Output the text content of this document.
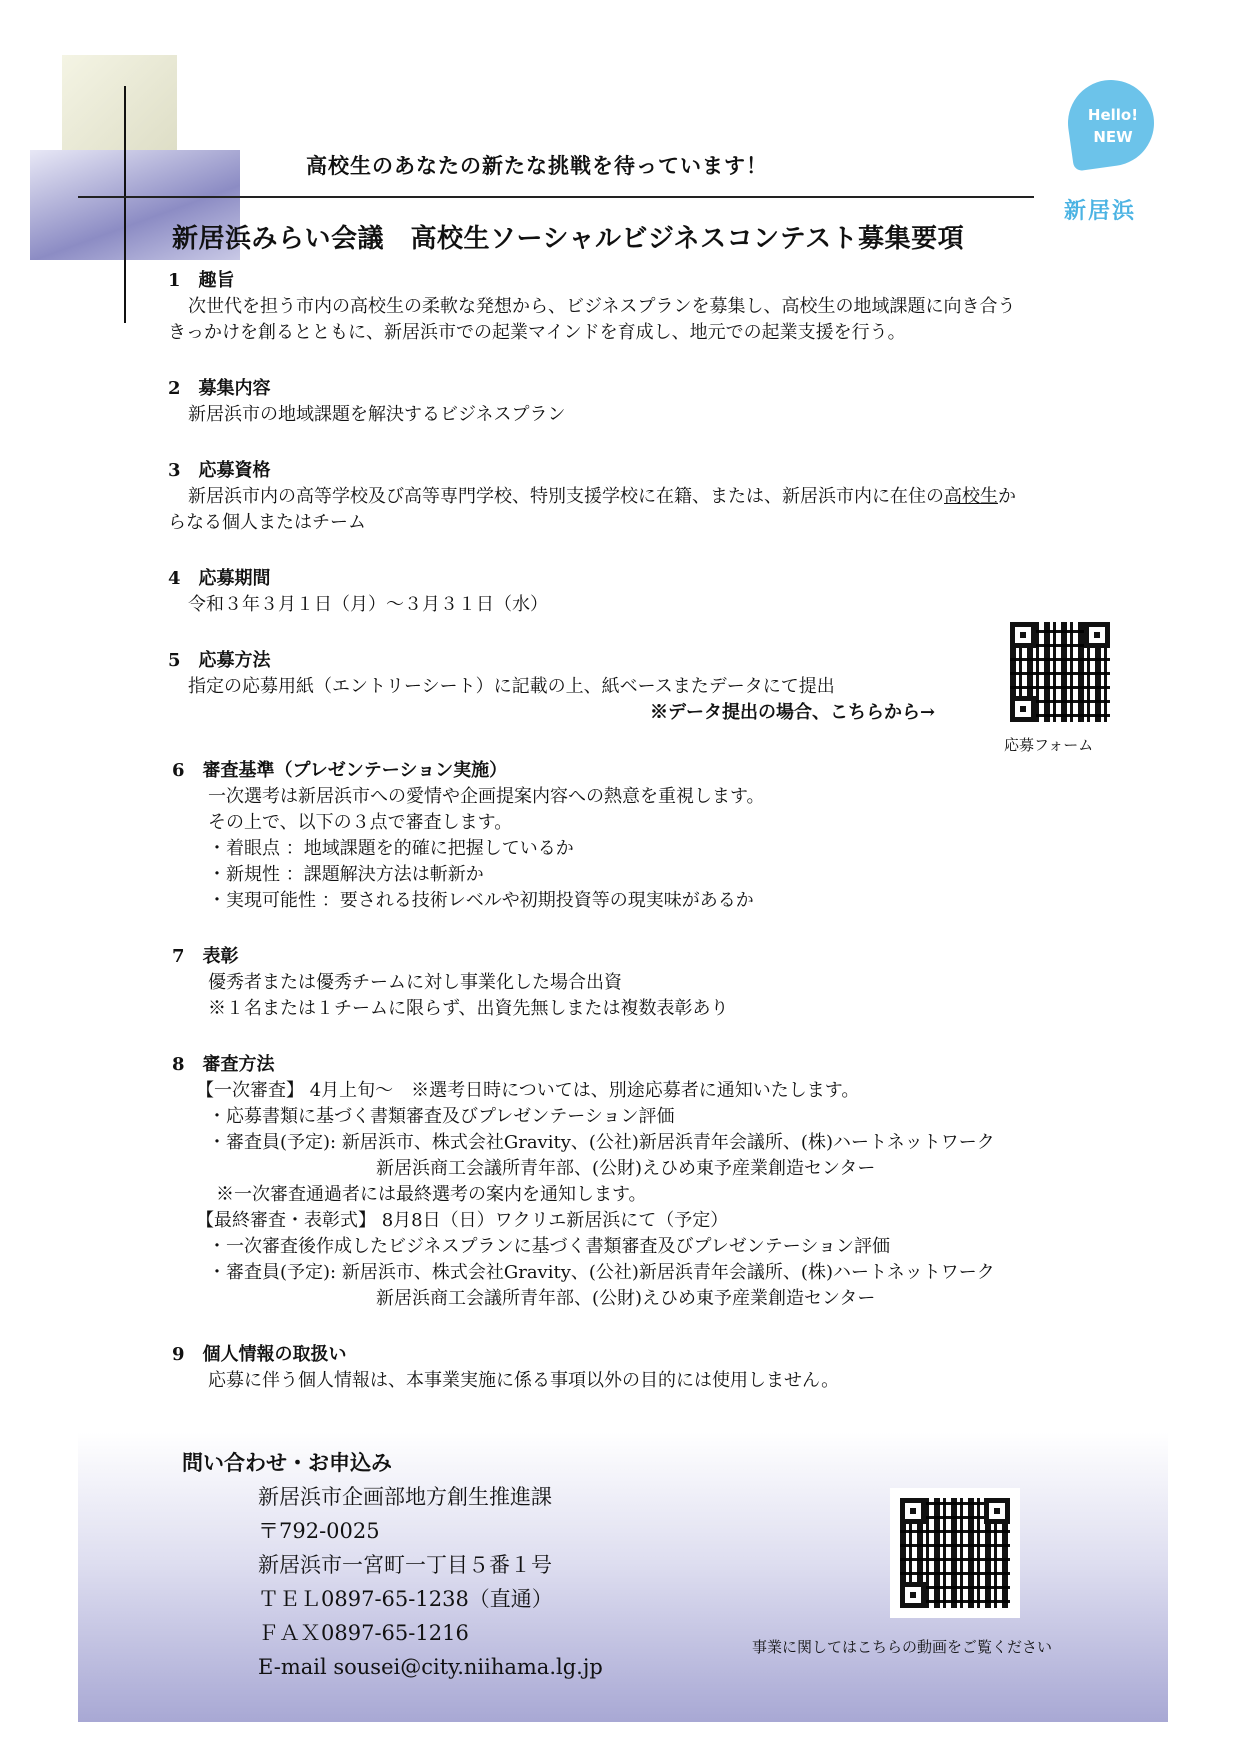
高校生のあなたの新たな挑戦を待っています！
新居浜みらい会議　高校生ソーシャルビジネスコンテスト募集要項
Hello!
NEW
新居浜
1　趣旨
次世代を担う市内の高校生の柔軟な発想から、ビジネスプランを募集し、高校生の地域課題に向き合う
きっかけを創るとともに、新居浜市での起業マインドを育成し、地元での起業支援を行う。
2　募集内容
新居浜市の地域課題を解決するビジネスプラン
3　応募資格
新居浜市内の高等学校及び高等専門学校、特別支援学校に在籍、または、新居浜市内に在住の高校生か
らなる個人またはチーム
4　応募期間
令和３年３月１日（月）～３月３１日（水）
5　応募方法
指定の応募用紙（エントリーシート）に記載の上、紙ベースまたデータにて提出
※データ提出の場合、こちらから→
応募フォーム
6　審査基準（プレゼンテーション実施）
一次選考は新居浜市への愛情や企画提案内容への熱意を重視します。
その上で、以下の３点で審査します。
・着眼点 ：地域課題を的確に把握しているか
・新規性 ：課題解決方法は斬新か
・実現可能性 ：要される技術レベルや初期投資等の現実味があるか
7　表彰
優秀者または優秀チームに対し事業化した場合出資
※１名または１チームに限らず、出資先無しまたは複数表彰あり
8　審査方法
【一次審査】 4月上旬～　※選考日時については、別途応募者に通知いたします。
・応募書類に基づく書類審査及びプレゼンテーション評価
・審査員(予定): 新居浜市、株式会社Gravity、(公社)新居浜青年会議所、(株)ハートネットワーク
新居浜商工会議所青年部、(公財)えひめ東予産業創造センター
※一次審査通過者には最終選考の案内を通知します。
【最終審査・表彰式】 8月8日（日）ワクリエ新居浜にて（予定）
・一次審査後作成したビジネスプランに基づく書類審査及びプレゼンテーション評価
・審査員(予定): 新居浜市、株式会社Gravity、(公社)新居浜青年会議所、(株)ハートネットワーク
新居浜商工会議所青年部、(公財)えひめ東予産業創造センター
9　個人情報の取扱い
応募に伴う個人情報は、本事業実施に係る事項以外の目的には使用しません。
問い合わせ・お申込み
新居浜市企画部地方創生推進課
〒792-0025
新居浜市一宮町一丁目５番１号
ＴＥＬ0897-65-1238（直通）
ＦＡＸ0897-65-1216
E-mail sousei@city.niihama.lg.jp
事業に関してはこちらの動画をご覧ください
